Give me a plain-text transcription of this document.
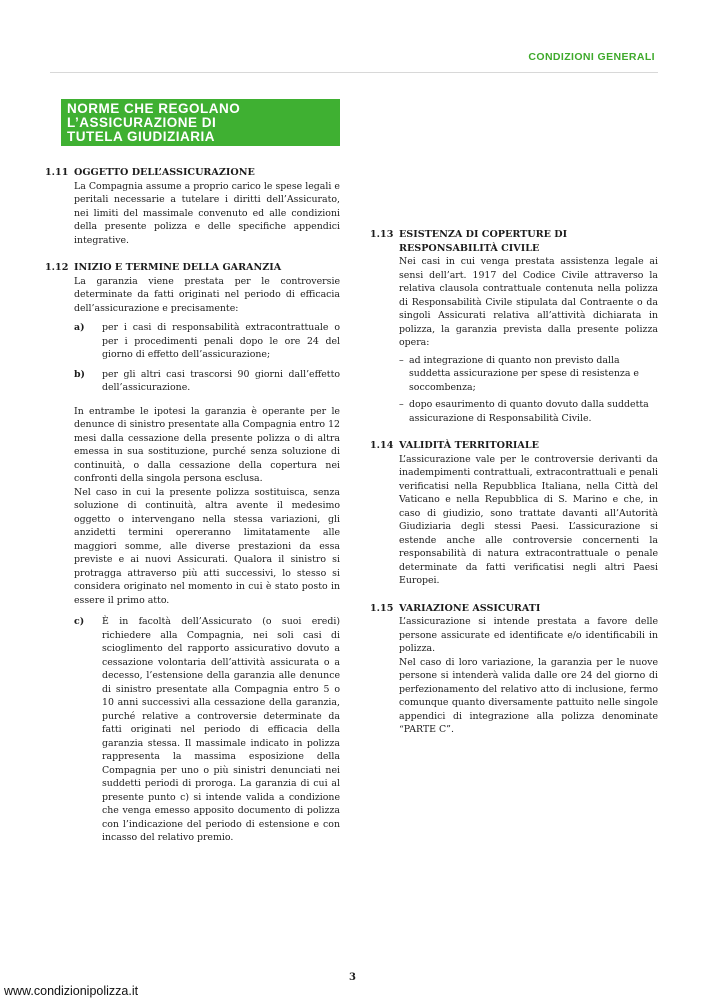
CONDIZIONI GENERALI
NORME CHE REGOLANO
L’ASSICURAZIONE DI
TUTELA GIUDIZIARIA
1.11 OGGETTO DELL’ASSICURAZIONE

La Compagnia assume a proprio carico le spese legali e peritali necessarie a tutelare i diritti dell’Assicurato, nei limiti del massimale convenuto ed alle condizioni della presente polizza e delle specifiche appendici integrative.

1.12 INIZIO E TERMINE DELLA GARANZIA

La garanzia viene prestata per le controversie determinate da fatti originati nel periodo di efficacia dell’assicurazione e precisamente:

a)	per i casi di responsabilità extracontrattuale o per i procedimenti penali dopo le ore 24 del giorno di effetto dell’assicurazione;
b)	per gli altri casi trascorsi 90 giorni dall’effetto dell’assicurazione.

In entrambe le ipotesi la garanzia è operante per le denunce di sinistro presentate alla Compagnia entro 12 mesi dalla cessazione della presente polizza o di altra emessa in sua sostituzione, purché senza soluzione di continuità, o dalla cessazione della copertura nei confronti della singola persona esclusa.

Nel caso in cui la presente polizza sostituisca, senza soluzione di continuità, altra avente il medesimo oggetto o intervengano nella stessa variazioni, gli anzidetti termini opereranno limitatamente alle maggiori somme, alle diverse prestazioni da essa previste e ai nuovi Assicurati. Qualora il sinistro si protragga attraverso più atti successivi, lo stesso si considera originato nel momento in cui è stato posto in essere il primo atto.

c)	È in facoltà dell’Assicurato (o suoi eredi) richiedere alla Compagnia, nei soli casi di scioglimento del rapporto assicurativo dovuto a cessazione volontaria dell’attività assicurata o a decesso, l’estensione della garanzia alle denunce di sinistro presentate alla Compagnia entro 5 o 10 anni successivi alla cessazione della garanzia, purché relative a controversie determinate da fatti originati nel periodo di efficacia della garanzia stessa. Il massimale indicato in polizza rappresenta la massima esposizione della Compagnia per uno o più sinistri denunciati nei suddetti periodi di proroga. La garanzia di cui al presente punto c) si intende valida a condizione che venga emesso apposito documento di polizza con l’indicazione del periodo di estensione e con incasso del relativo premio.
1.13 ESISTENZA DI COPERTURE DI RESPONSABILITÀ CIVILE

Nei casi in cui venga prestata assistenza legale ai sensi dell’art. 1917 del Codice Civile attraverso la relativa clausola contrattuale contenuta nella polizza di Responsabilità Civile stipulata dal Contraente o da singoli Assicurati relativa all’attività dichiarata in polizza, la garanzia prevista dalla presente polizza opera:

– ad integrazione di quanto non previsto dalla suddetta assicurazione per spese di resistenza e soccombenza;
– dopo esaurimento di quanto dovuto dalla suddetta assicurazione di Responsabilità Civile.
1.14 VALIDITÀ TERRITORIALE

L’assicurazione vale per le controversie derivanti da inadempimenti contrattuali, extracontrattuali e penali verificatisi nella Repubblica Italiana, nella Città del Vaticano e nella Repubblica di S. Marino e che, in caso di giudizio, sono trattate davanti all’Autorità Giudiziaria degli stessi Paesi. L’assicurazione si estende anche alle controversie concernenti la responsabilità di natura extracontrattuale o penale determinate da fatti verificatisi negli altri Paesi Europei.

1.15 VARIAZIONE ASSICURATI

L’assicurazione si intende prestata a favore delle persone assicurate ed identificate e/o identificabili in polizza.

Nel caso di loro variazione, la garanzia per le nuove persone si intenderà valida dalle ore 24 del giorno di perfezionamento del relativo atto di inclusione, fermo comunque quanto diversamente pattuito nelle singole appendici di integrazione alla polizza denominate “PARTE C”.

3
www.condizionipolizza.it
